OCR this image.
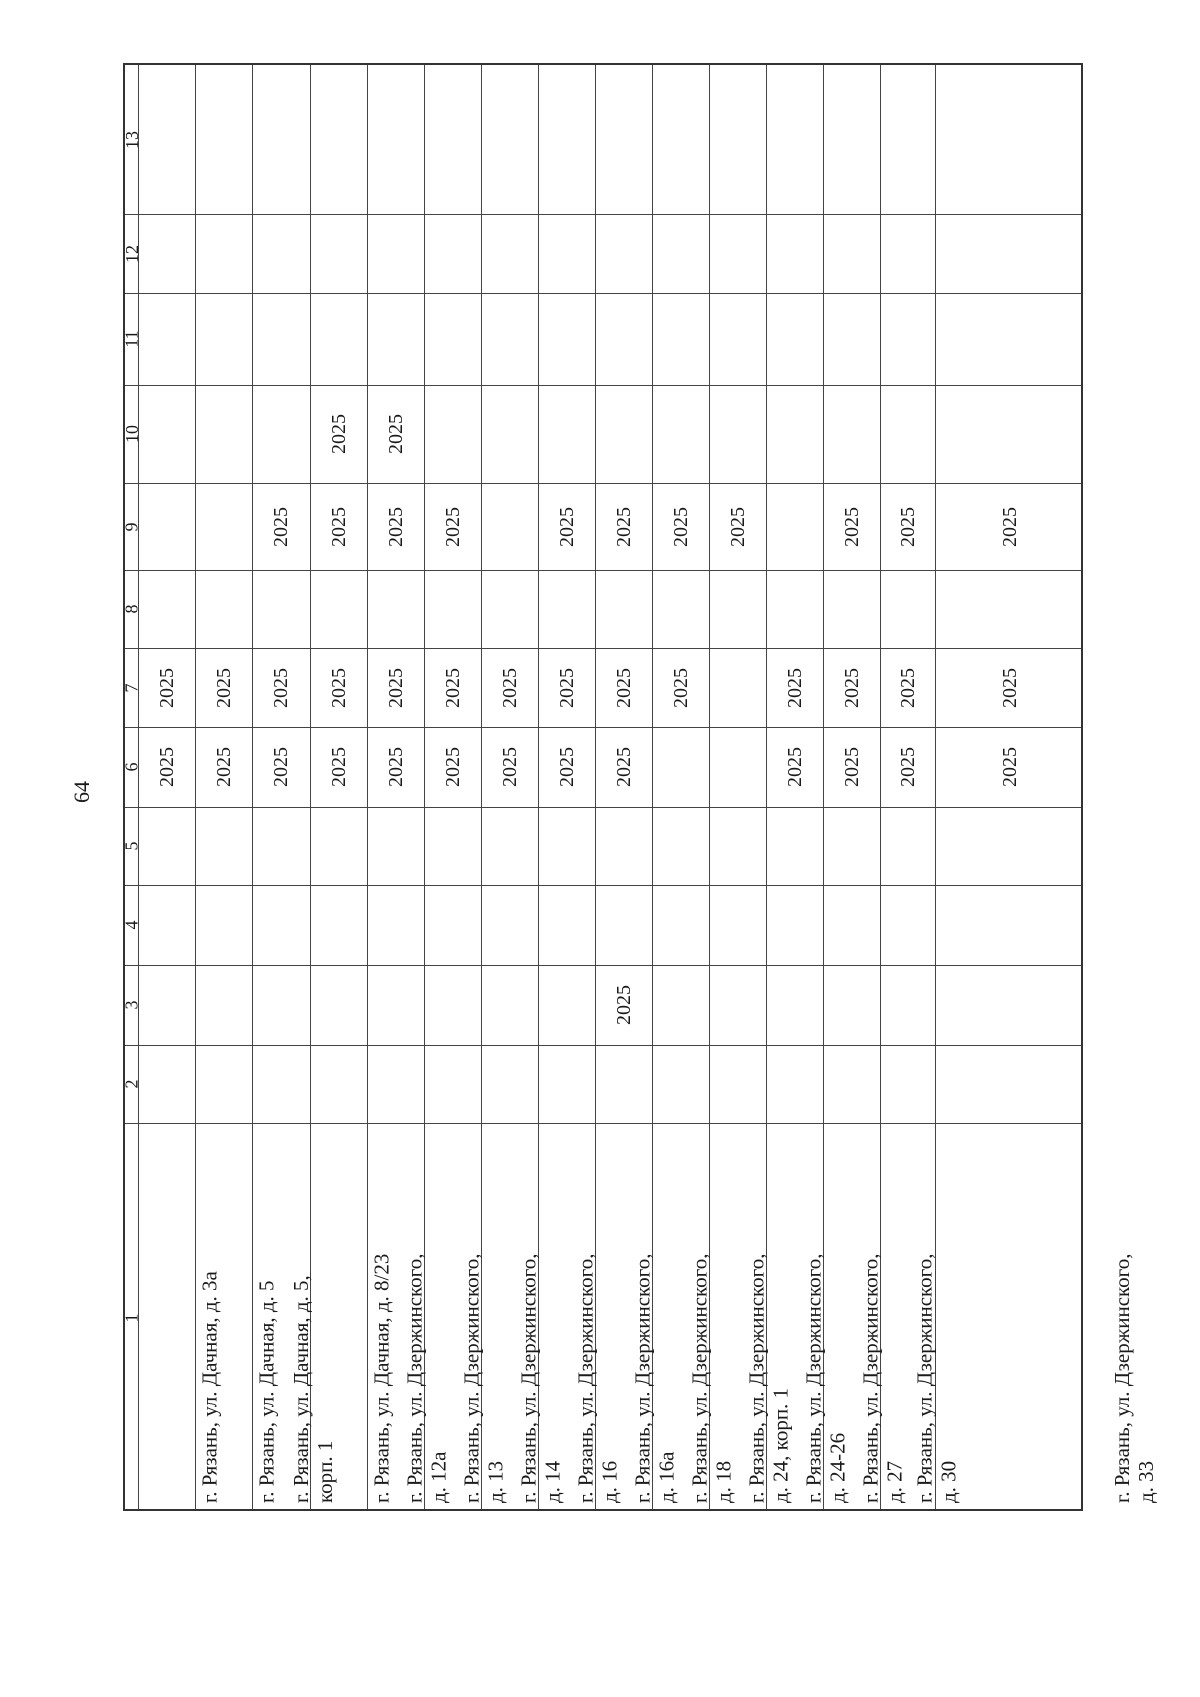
64
1
2
3
4
5
6
7
8
9
10
11
12
13
г. Рязань, ул. Дачная, д. 3а
2025
2025
г. Рязань, ул. Дачная, д. 5
2025
2025
г. Рязань, ул. Дачная, д. 5,
корп. 1
2025
2025
2025
г. Рязань, ул. Дачная, д. 8/23
2025
2025
2025
2025
г. Рязань, ул. Дзержинского,
д. 12а
2025
2025
2025
2025
г. Рязань, ул. Дзержинского,
д. 13
2025
2025
2025
г. Рязань, ул. Дзержинского,
д. 14
2025
2025
г. Рязань, ул. Дзержинского,
д. 16
2025
2025
2025
г. Рязань, ул. Дзержинского,
д. 16а
2025
2025
2025
2025
г. Рязань, ул. Дзержинского,
д. 18
2025
2025
г. Рязань, ул. Дзержинского,
д. 24, корп. 1
2025
г. Рязань, ул. Дзержинского,
д. 24-26
2025
2025
г. Рязань, ул. Дзержинского,
д. 27
2025
2025
2025
г. Рязань, ул. Дзержинского,
д. 30
2025
2025
2025
г. Рязань, ул. Дзержинского,
д. 33
2025
2025
2025
